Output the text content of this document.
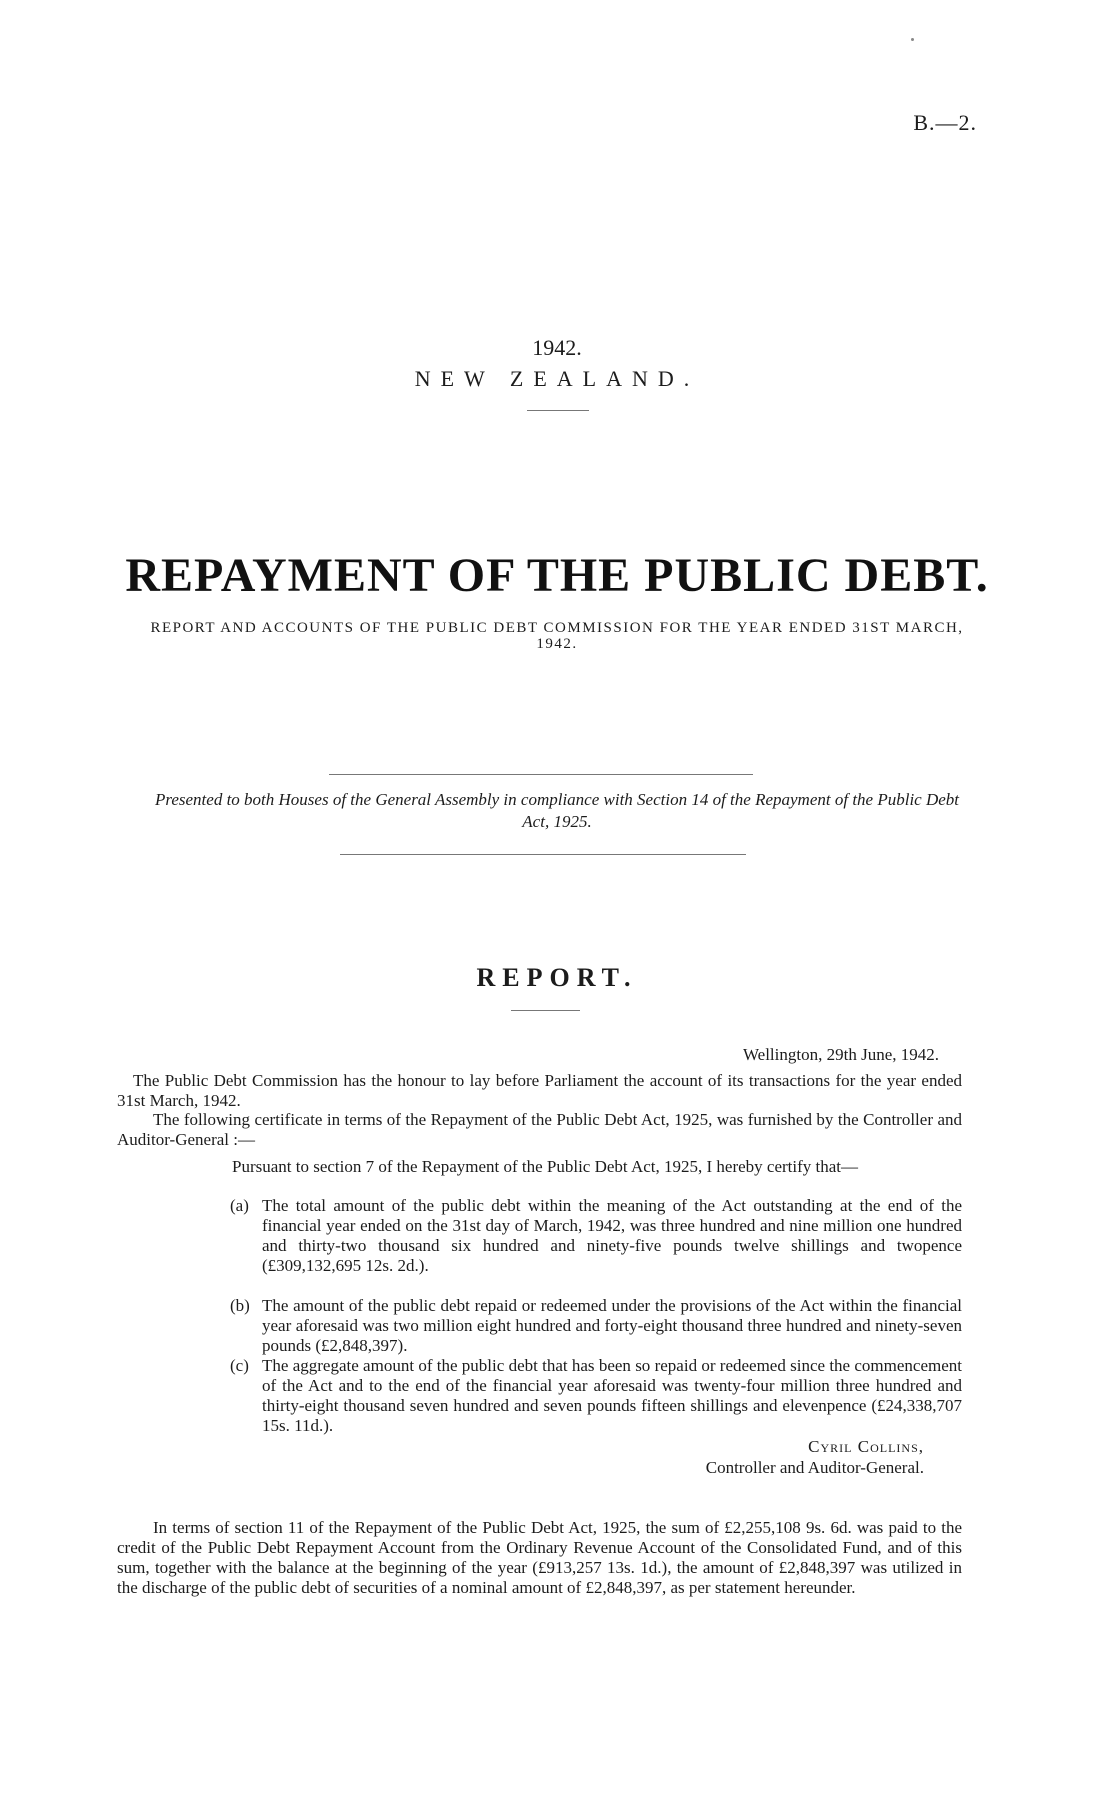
B.—2.
1942.
NEW ZEALAND.
REPAYMENT OF THE PUBLIC DEBT.
REPORT AND ACCOUNTS OF THE PUBLIC DEBT COMMISSION FOR THE YEAR ENDED 31ST MARCH, 1942.
Presented to both Houses of the General Assembly in compliance with Section 14 of the Repayment of the Public Debt Act, 1925.
REPORT.
Wellington, 29th June, 1942.
The Public Debt Commission has the honour to lay before Parliament the account of its transactions for the year ended 31st March, 1942.
The following certificate in terms of the Repayment of the Public Debt Act, 1925, was furnished by the Controller and Auditor-General :—
Pursuant to section 7 of the Repayment of the Public Debt Act, 1925, I hereby certify that—
(a) The total amount of the public debt within the meaning of the Act outstanding at the end of the financial year ended on the 31st day of March, 1942, was three hundred and nine million one hundred and thirty-two thousand six hundred and ninety-five pounds twelve shillings and twopence (£309,132,695 12s. 2d.).
(b) The amount of the public debt repaid or redeemed under the provisions of the Act within the financial year aforesaid was two million eight hundred and forty-eight thousand three hundred and ninety-seven pounds (£2,848,397).
(c) The aggregate amount of the public debt that has been so repaid or redeemed since the commencement of the Act and to the end of the financial year aforesaid was twenty-four million three hundred and thirty-eight thousand seven hundred and seven pounds fifteen shillings and elevenpence (£24,338,707 15s. 11d.).
Cyril Collins,
Controller and Auditor-General.
In terms of section 11 of the Repayment of the Public Debt Act, 1925, the sum of £2,255,108 9s. 6d. was paid to the credit of the Public Debt Repayment Account from the Ordinary Revenue Account of the Consolidated Fund, and of this sum, together with the balance at the beginning of the year (£913,257 13s. 1d.), the amount of £2,848,397 was utilized in the discharge of the public debt of securities of a nominal amount of £2,848,397, as per statement hereunder.
